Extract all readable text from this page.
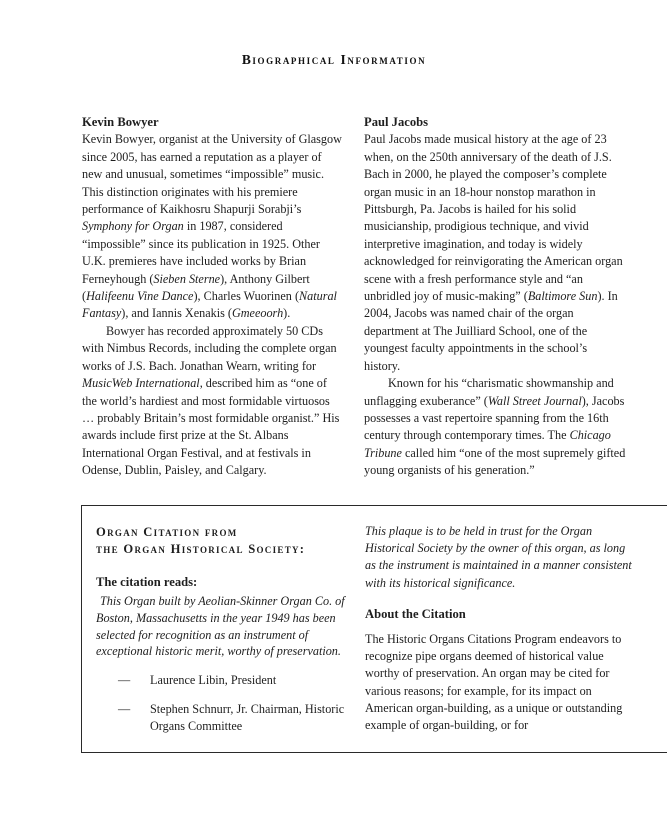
Biographical Information

Kevin Bowyer

Kevin Bowyer, organist at the University of Glasgow since 2005, has earned a reputation as a player of new and unusual, sometimes “impossible” music. This distinction originates with his premiere performance of Kaikhosru Shapurji Sorabji’s Symphony for Organ in 1987, considered “impossible” since its publication in 1925. Other U.K. premieres have included works by Brian Ferneyhough (Sieben Sterne), Anthony Gilbert (Halifeenu Vine Dance), Charles Wuorinen (Natural Fantasy), and Iannis Xenakis (Gmeeoorh).

Bowyer has recorded approximately 50 CDs with Nimbus Records, including the complete organ works of J.S. Bach. Jonathan Wearn, writing for MusicWeb International, described him as “one of the world’s hardiest and most formidable virtuosos … probably Britain’s most formidable organist.” His awards include first prize at the St. Albans International Organ Festival, and at festivals in Odense, Dublin, Paisley, and Calgary.

Paul Jacobs

Paul Jacobs made musical history at the age of 23 when, on the 250th anniversary of the death of J.S. Bach in 2000, he played the composer’s complete organ music in an 18-hour nonstop marathon in Pittsburgh, Pa. Jacobs is hailed for his solid musicianship, prodigious technique, and vivid interpretive imagination, and today is widely acknowledged for reinvigorating the American organ scene with a fresh performance style and “an unbridled joy of music-making” (Baltimore Sun). In 2004, Jacobs was named chair of the organ department at The Juilliard School, one of the youngest faculty appointments in the school’s history.

Known for his “charismatic showmanship and unflagging exuberance” (Wall Street Journal), Jacobs possesses a vast repertoire spanning from the 16th century through contemporary times. The Chicago Tribune called him “one of the most supremely gifted young organists of his generation.”

Organ Citation from

the Organ Historical Society:

The citation reads:

This Organ built by Aeolian-Skinner Organ Co. of Boston, Massachusetts in the year 1949 has been selected for recognition as an instrument of exceptional historic merit, worthy of preservation.

—	Laurence Libin, President
—	Stephen Schnurr, Jr. Chairman, Historic Organs Committee

This plaque is to be held in trust for the Organ Historical Society by the owner of this organ, as long as the instrument is maintained in a manner consistent with its historical significance.

About the Citation

The Historic Organs Citations Program endeavors to recognize pipe organs deemed of historical value worthy of preservation. An organ may be cited for various reasons; for example, for its impact on American organ-building, as a unique or outstanding example of organ-building, or for
